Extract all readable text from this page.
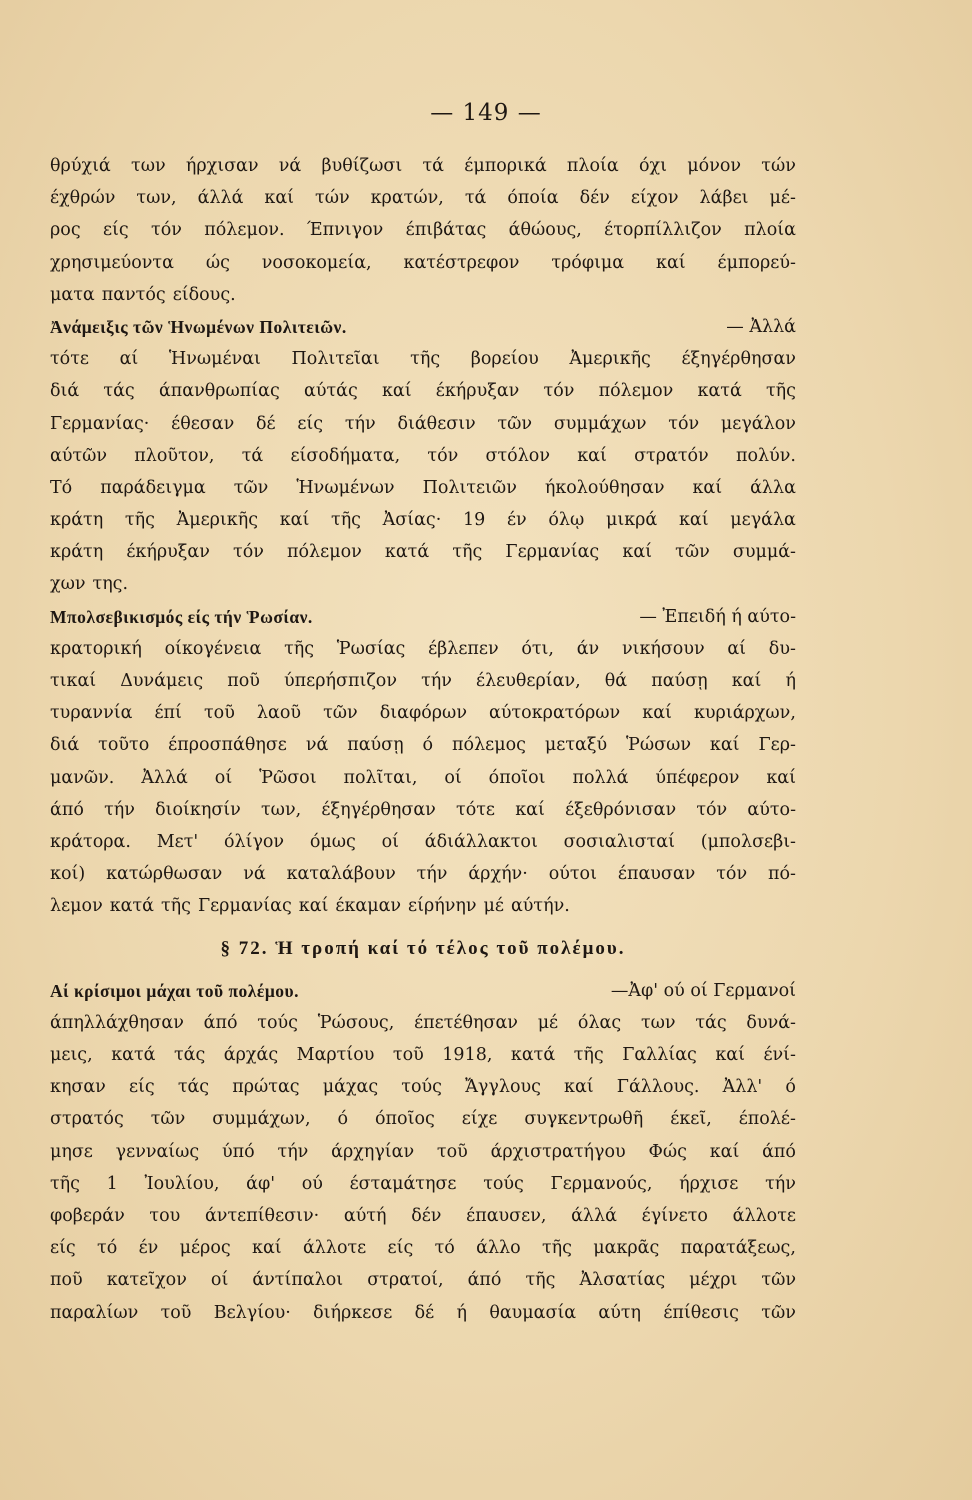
— 149 —
θρύχιά των ήρχισαν νά βυθίζωσι τά έμπορικά πλοία όχι μόνον τών
έχθρών των, άλλά καί τών κρατών, τά όποία δέν είχον λάβει μέ-
ρος είς τόν πόλεμον. Έπνιγον έπιβάτας άθώους, έτορπίλλιζον πλοία
χρησιμεύοντα ώς νοσοκομεία, κατέστρεφον τρόφιμα καί έμπορεύ-
ματα παντός είδους.
Ἀνάμειξις τῶν Ἡνωμένων Πολιτειῶν.	— Ἀλλά
τότε αί Ἡνωμέναι Πολιτεῖαι τῆς βορείου Ἀμερικῆς έξηγέρθησαν
διά τάς άπανθρωπίας αύτάς καί έκήρυξαν τόν πόλεμον κατά τῆς
Γερμανίας· έθεσαν δέ είς τήν διάθεσιν τῶν συμμάχων τόν μεγάλον
αύτῶν πλοῦτον, τά είσοδήματα, τόν στόλον καί στρατόν πολύν.
Τό παράδειγμα τῶν Ἡνωμένων Πολιτειῶν ήκολούθησαν καί άλλα
κράτη τῆς Ἀμερικῆς καί τῆς Ἀσίας· 19 έν όλῳ μικρά καί μεγάλα
κράτη έκήρυξαν τόν πόλεμον κατά τῆς Γερμανίας καί τῶν συμμά-
χων της.
Μπολσεβικισμός είς τήν Ῥωσίαν.	— Ἐπειδή ή αύτο-
κρατορική οίκογένεια τῆς Ῥωσίας έβλεπεν ότι, άν νικήσουν αί δυ-
τικαί Δυνάμεις ποῦ ύπερήσπιζον τήν έλευθερίαν, θά παύσῃ καί ή
τυραννία έπί τοῦ λαοῦ τῶν διαφόρων αύτοκρατόρων καί κυριάρχων,
διά τοῦτο έπροσπάθησε νά παύσῃ ό πόλεμος μεταξύ Ῥώσων καί Γερ-
μανῶν. Ἀλλά οί Ῥῶσοι πολῖται, οί όποῖοι πολλά ύπέφερον καί
άπό τήν διοίκησίν των, έξηγέρθησαν τότε καί έξεθρόνισαν τόν αύτο-
κράτορα. Μετ' όλίγον όμως οί άδιάλλακτοι σοσιαλισταί (μπολσεβι-
κοί) κατώρθωσαν νά καταλάβουν τήν άρχήν· ούτοι έπαυσαν τόν πό-
λεμον κατά τῆς Γερμανίας καί έκαμαν είρήνην μέ αύτήν.
§ 72. Ἡ τροπή καί τό τέλος τοῦ πολέμου.
Αί κρίσιμοι μάχαι τοῦ πολέμου.	—Ἀφ' ού οί Γερμανοί
άπηλλάχθησαν άπό τούς Ῥώσους, έπετέθησαν μέ όλας των τάς δυνά-
μεις, κατά τάς άρχάς Μαρτίου τοῦ 1918, κατά τῆς Γαλλίας καί ένί-
κησαν είς τάς πρώτας μάχας τούς Ἄγγλους καί Γάλλους. Ἀλλ' ό
στρατός τῶν συμμάχων, ό όποῖος είχε συγκεντρωθῆ έκεῖ, έπολέ-
μησε γενναίως ύπό τήν άρχηγίαν τοῦ άρχιστρατήγου Φώς καί άπό
τῆς 1 Ἰουλίου, άφ' ού έσταμάτησε τούς Γερμανούς, ήρχισε τήν
φοβεράν του άντεπίθεσιν· αύτή δέν έπαυσεν, άλλά έγίνετο άλλοτε
είς τό έν μέρος καί άλλοτε είς τό άλλο τῆς μακρᾶς παρατάξεως,
ποῦ κατεῖχον οί άντίπαλοι στρατοί, άπό τῆς Ἀλσατίας μέχρι τῶν
παραλίων τοῦ Βελγίου· διήρκεσε δέ ή θαυμασία αύτη έπίθεσις τῶν
